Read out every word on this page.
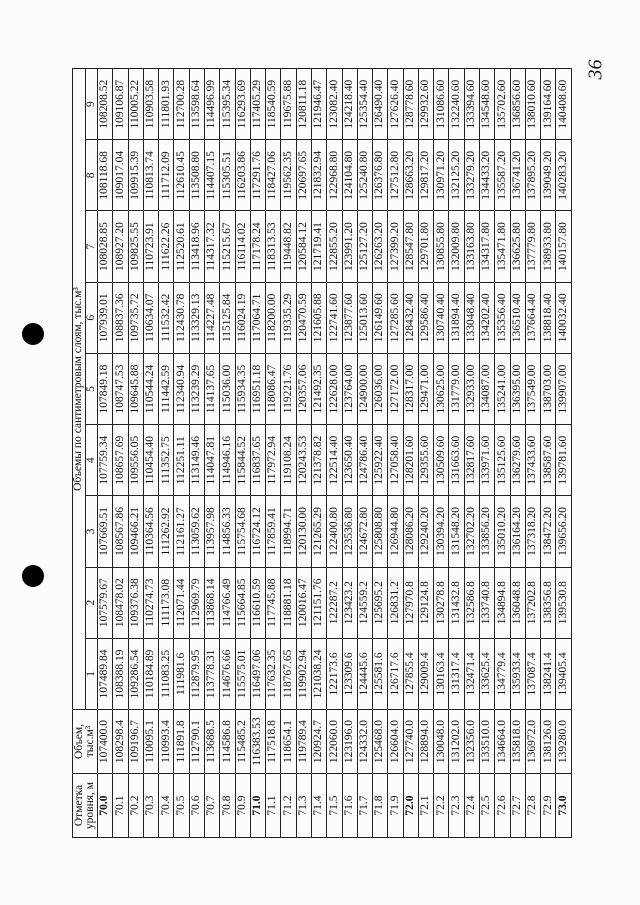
36
Отметка уровня, м	Объем, тыс.м³	Объемы по сантиметровым слоям, тыс.м³								
		1	2	3	4	5	6	7	8	9
70.0	107400.0	107489.84	107579.67	107669.51	107759.34	107849.18	107939.01	108028.85	108118.68	108208.52
70.1	108298.4	108388.19	108478.02	108567.86	108657.69	108747.53	108837.36	108927.20	109017.04	109106.87
70.2	109196.7	109286.54	109376.38	109466.21	109556.05	109645.88	109735.72	109825.55	109915.39	110005.22
70.3	110095.1	110184.89	110274.73	110364.56	110454.40	110544.24	110634.07	110723.91	110813.74	110903.58
70.4	110993.4	111083.25	111173.08	111262.92	111352.75	111442.59	111532.42	111622.26	111712.09	111801.93
70.5	111891.8	111981.6	112071.44	112161.27	112251.11	112340.94	112430.78	112520.61	112610.45	112700.28
70.6	112790.1	112879.95	112969.79	113059.62	113149.46	113239.29	113329.13	113418.96	113508.80	113598.64
70.7	113688.5	113778.31	113868.14	113957.98	114047.81	114137.65	114227.48	114317.32	114407.15	114496.99
70.8	114586.8	114676.66	114766.49	114856.33	114946.16	115036.00	115125.84	115215.67	115305.51	115395.34
70.9	115485.2	115575.01	115664.85	115754.68	115844.52	115934.35	116024.19	116114.02	116203.86	116293.69
71.0	116383.53	116497.06	116610.59	116724.12	116837.65	116951.18	117064.71	117178.24	117291.76	117405.29
71.1	117518.8	117632.35	117745.88	117859.41	117972.94	118086.47	118200.00	118313.53	118427.06	118540.59
71.2	118654.1	118767.65	118881.18	118994.71	119108.24	119221.76	119335.29	119448.82	119562.35	119675.88
71.3	119789.4	119902.94	120016.47	120130.00	120243.53	120357.06	120470.59	120584.12	120697.65	120811.18
71.4	120924.7	121038.24	121151.76	121265.29	121378.82	121492.35	121605.88	121719.41	121832.94	121946.47
71.5	122060.0	122173.6	122287.2	122400.80	122514.40	122628.00	122741.60	122855.20	122968.80	123082.40
71.6	123196.0	123309.6	123423.2	123536.80	123650.40	123764.00	123877.60	123991.20	124104.80	124218.40
71.7	124332.0	124445.6	124559.2	124672.80	124786.40	124900.00	125013.60	125127.20	125240.80	125354.40
71.8	125468.0	125581.6	125695.2	125808.80	125922.40	126036.00	126149.60	126263.20	126376.80	126490.40
71.9	126604.0	126717.6	126831.2	126944.80	127058.40	127172.00	127285.60	127399.20	127512.80	127626.40
72.0	127740.0	127855.4	127970.8	128086.20	128201.60	128317.00	128432.40	128547.80	128663.20	128778.60
72.1	128894.0	129009.4	129124.8	129240.20	129355.60	129471.00	129586.40	129701.80	129817.20	129932.60
72.2	130048.0	130163.4	130278.8	130394.20	130509.60	130625.00	130740.40	130855.80	130971.20	131086.60
72.3	131202.0	131317.4	131432.8	131548.20	131663.60	131779.00	131894.40	132009.80	132125.20	132240.60
72.4	132356.0	132471.4	132586.8	132702.20	132817.60	132933.00	133048.40	133163.80	133279.20	133394.60
72.5	133510.0	133625.4	133740.8	133856.20	133971.60	134087.00	134202.40	134317.80	134433.20	134548.60
72.6	134664.0	134779.4	134894.8	135010.20	135125.60	135241.00	135356.40	135471.80	135587.20	135702.60
72.7	135818.0	135933.4	136048.8	136164.20	136279.60	136395.00	136510.40	136625.80	136741.20	136856.60
72.8	136972.0	137087.4	137202.8	137318.20	137433.60	137549.00	137664.40	137779.80	137895.20	138010.60
72.9	138126.0	138241.4	138356.8	138472.20	138587.60	138703.00	138818.40	138933.80	139049.20	139164.60
73.0	139280.0	139405.4	139530.8	139656.20	139781.60	139907.00	140032.40	140157.80	140283.20	140408.60
